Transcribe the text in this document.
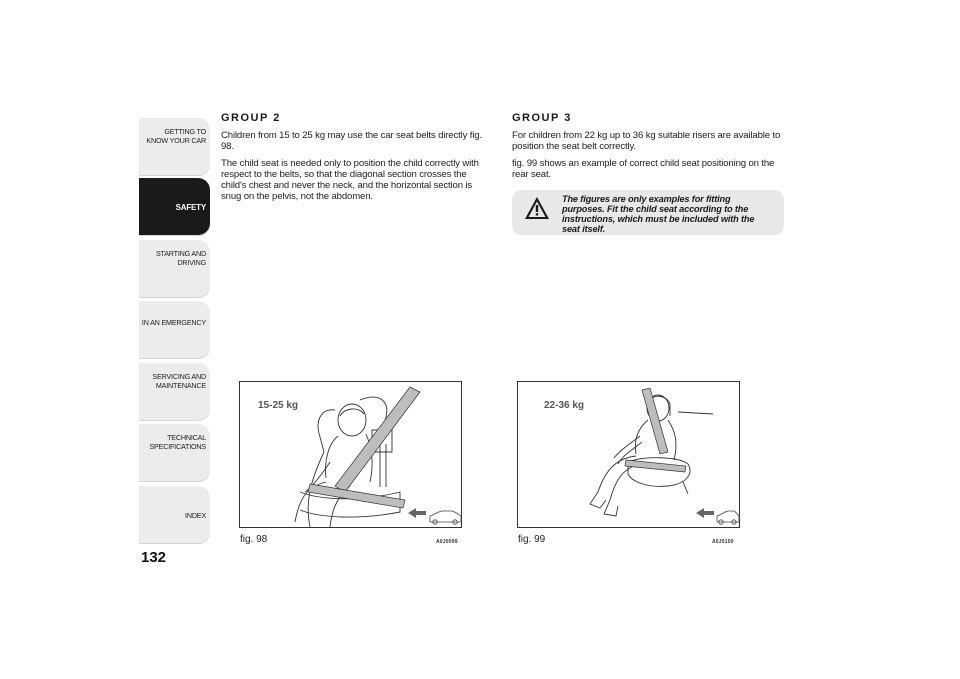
GETTING TO KNOW YOUR CAR
SAFETY
STARTING AND DRIVING
IN AN EMERGENCY
SERVICING AND MAINTENANCE
TECHNICAL SPECIFICATIONS
INDEX
132
GROUP 2

Children from 15 to 25 kg may use the car seat belts directly fig. 98.

The child seat is needed only to position the child correctly with respect to the belts, so that the diagonal section crosses the child's chest and never the neck, and the horizontal section is snug on the pelvis, not the abdomen.

GROUP 3

For children from 22 kg up to 36 kg suitable risers are available to position the seat belt correctly.

fig. 99 shows an example of correct child seat positioning on the rear seat.

The figures are only examples for fitting purposes. Fit the child seat according to the instructions, which must be included with the seat itself.
15-25 kg
fig. 98	A0J0099
22-36 kg
fig. 99	A0J0100
